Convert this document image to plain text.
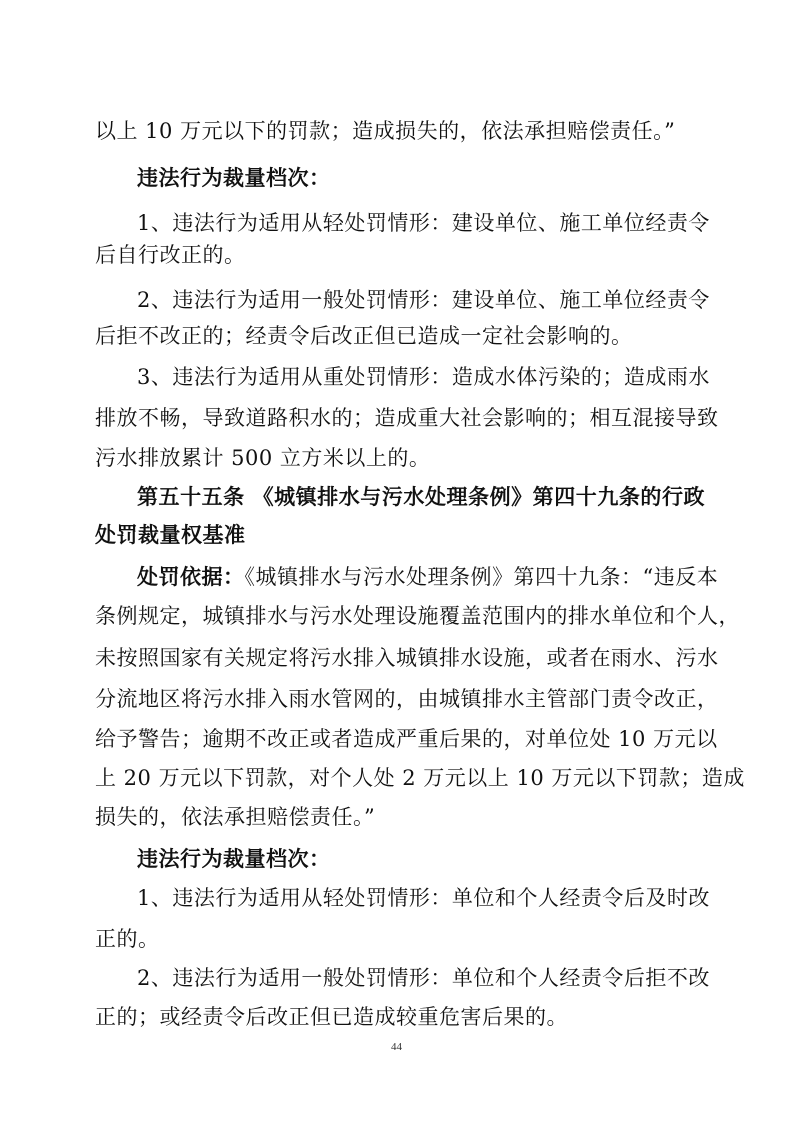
以上 10 万元以下的罚款；造成损失的，依法承担赔偿责任。”
违法行为裁量档次：
1、违法行为适用从轻处罚情形：建设单位、施工单位经责令
后自行改正的。
2、违法行为适用一般处罚情形：建设单位、施工单位经责令
后拒不改正的；经责令后改正但已造成一定社会影响的。
3、违法行为适用从重处罚情形：造成水体污染的；造成雨水
排放不畅，导致道路积水的；造成重大社会影响的；相互混接导致
污水排放累计 500 立方米以上的。
第五十五条 《城镇排水与污水处理条例》第四十九条的行政
处罚裁量权基准
处罚依据：《城镇排水与污水处理条例》第四十九条：“违反本
条例规定，城镇排水与污水处理设施覆盖范围内的排水单位和个人，
未按照国家有关规定将污水排入城镇排水设施，或者在雨水、污水
分流地区将污水排入雨水管网的，由城镇排水主管部门责令改正，
给予警告；逾期不改正或者造成严重后果的，对单位处 10 万元以
上 20 万元以下罚款，对个人处 2 万元以上 10 万元以下罚款；造成
损失的，依法承担赔偿责任。”
违法行为裁量档次：
1、违法行为适用从轻处罚情形：单位和个人经责令后及时改
正的。
2、违法行为适用一般处罚情形：单位和个人经责令后拒不改
正的；或经责令后改正但已造成较重危害后果的。
44
